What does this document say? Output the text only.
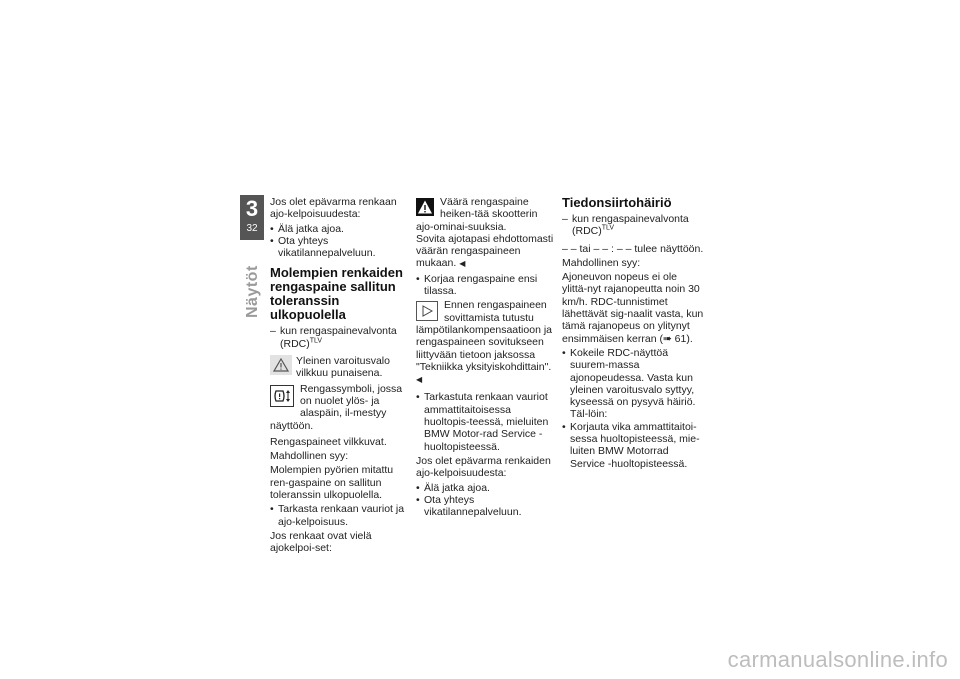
3
32
Näytöt

Jos olet epävarma renkaan ajo-kelpoisuudesta:

• Älä jatka ajoa.
• Ota yhteys vikatilannepalveluun.
Molempien renkaiden rengaspaine sallitun toleranssin ulkopuolella
– kun rengaspainevalvonta (RDC)$^{TLV}$
Yleinen varoitusvalo vilkkuu punaisena.
Rengassymboli, jossa on nuolet ylös- ja alaspäin, il-mestyy näyttöön.

Rengaspaineet vilkkuvat.

Mahdollinen syy:

Molempien pyörien mitattu ren-gaspaine on sallitun toleranssin ulkopuolella.

• Tarkasta renkaan vauriot ja ajo-kelpoisuus.

Jos renkaat ovat vielä ajokelpoi-set:

Väärä rengaspaine heiken-tää skootterin ajo-ominai-suuksia.

Sovita ajotapasi ehdottomasti väärän rengaspaineen mukaan. ◀

• Korjaa rengaspaine ensi tilassa.
Ennen rengaspaineen sovittamista tutustu lämpötilankompensaatioon ja rengaspaineen sovitukseen liittyvään tietoon jaksossa "Tekniikka yksityiskohdittain". ◀
• Tarkastuta renkaan vauriot ammattitaitoisessa huoltopis-teessä, mieluiten BMW Motor-rad Service -huoltopisteessä.

Jos olet epävarma renkaiden ajo-kelpoisuudesta:

• Älä jatka ajoa.
• Ota yhteys vikatilannepalveluun.
Tiedonsiirtohäiriö
– kun rengaspainevalvonta (RDC)$^{TLV}$

– – tai – – : – – tulee näyttöön.

Mahdollinen syy:

Ajoneuvon nopeus ei ole ylittä-nyt rajanopeutta noin 30 km/h. RDC-tunnistimet lähettävät sig-naalit vasta, kun tämä rajanopeus on ylitynyt ensimmäisen kerran (➠ 61).

• Kokeile RDC-näyttöä suurem-massa ajonopeudessa. Vasta kun yleinen varoitusvalo syttyy, kyseessä on pysyvä häiriö. Täl-löin:
• Korjauta vika ammattitaitoi-sessa huoltopisteessä, mie-luiten BMW Motorrad Service -huoltopisteessä.
carmanualsonline.info
